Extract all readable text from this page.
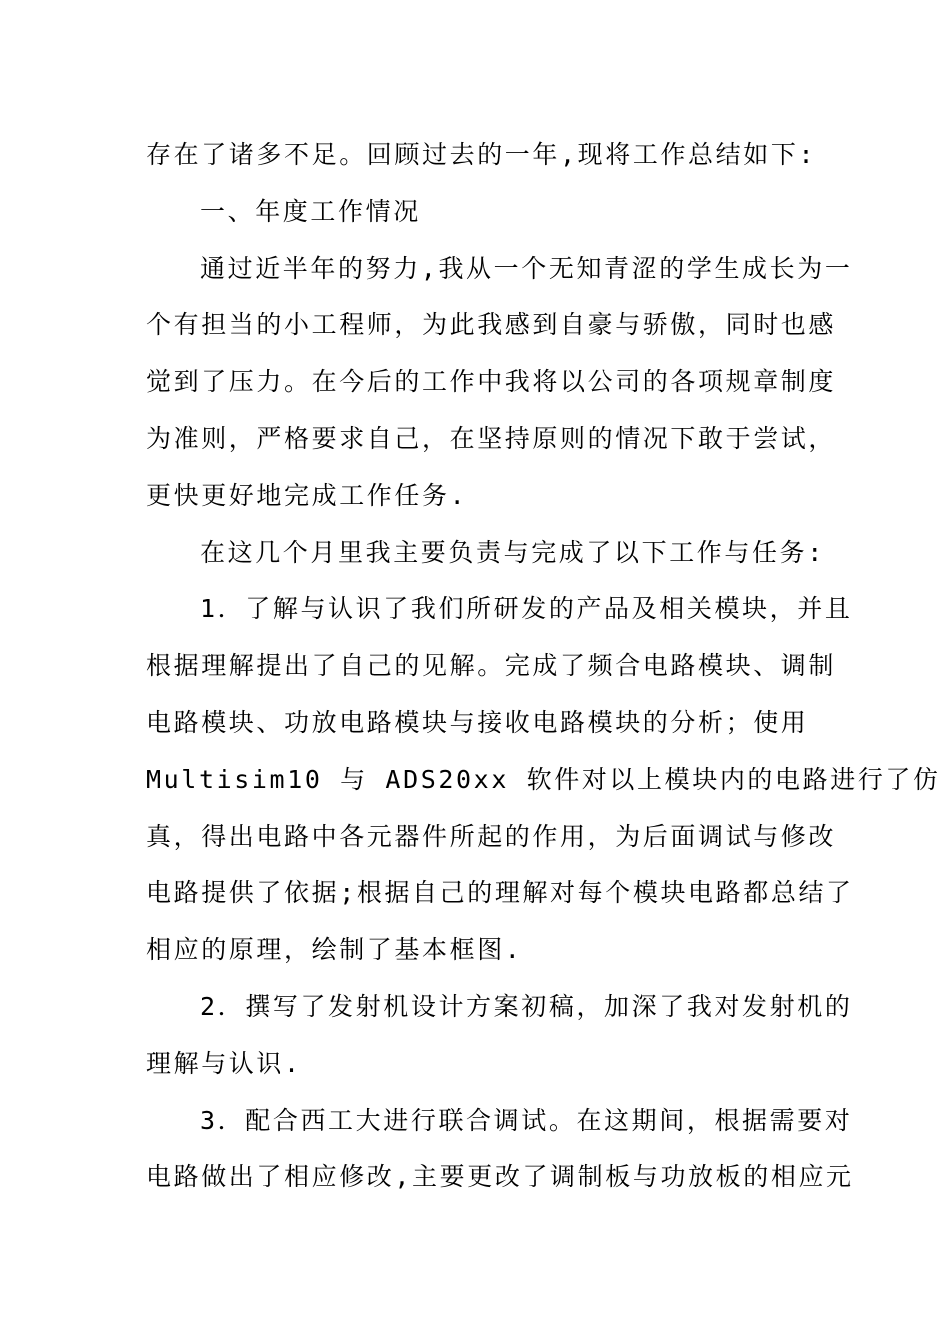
存在了诸多不足。回顾过去的一年,现将工作总结如下:
一、年度工作情况
通过近半年的努力,我从一个无知青涩的学生成长为一
个有担当的小工程师，为此我感到自豪与骄傲，同时也感
觉到了压力。在今后的工作中我将以公司的各项规章制度
为准则，严格要求自己，在坚持原则的情况下敢于尝试，
更快更好地完成工作任务.
在这几个月里我主要负责与完成了以下工作与任务:
1．了解与认识了我们所研发的产品及相关模块，并且
根据理解提出了自己的见解。完成了频合电路模块、调制
电路模块、功放电路模块与接收电路模块的分析；使用
Multisim10 与 ADS20xx 软件对以上模块内的电路进行了仿
真，得出电路中各元器件所起的作用，为后面调试与修改
电路提供了依据;根据自己的理解对每个模块电路都总结了
相应的原理，绘制了基本框图.
2．撰写了发射机设计方案初稿，加深了我对发射机的
理解与认识.
3．配合西工大进行联合调试。在这期间，根据需要对
电路做出了相应修改,主要更改了调制板与功放板的相应元
